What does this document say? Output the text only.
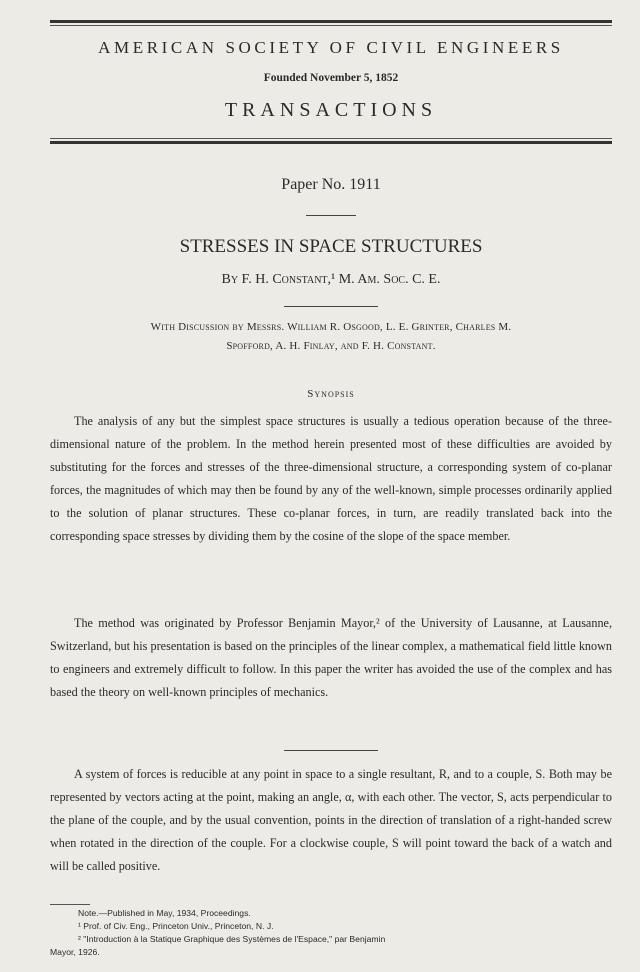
AMERICAN SOCIETY OF CIVIL ENGINEERS
Founded November 5, 1852
TRANSACTIONS
Paper No. 1911
STRESSES IN SPACE STRUCTURES
By F. H. Constant,¹ M. Am. Soc. C. E.
With Discussion by Messrs. William R. Osgood, L. E. Grinter, Charles M.
Spofford, A. H. Finlay, and F. H. Constant.
Synopsis

The analysis of any but the simplest space structures is usually a tedious operation because of the three-dimensional nature of the problem. In the method herein presented most of these difficulties are avoided by substituting for the forces and stresses of the three-dimensional structure, a corresponding system of co-planar forces, the magnitudes of which may then be found by any of the well-known, simple processes ordinarily applied to the solution of planar structures. These co-planar forces, in turn, are readily translated back into the corresponding space stresses by dividing them by the cosine of the slope of the space member.

The method was originated by Professor Benjamin Mayor,² of the University of Lausanne, at Lausanne, Switzerland, but his presentation is based on the principles of the linear complex, a mathematical field little known to engineers and extremely difficult to follow. In this paper the writer has avoided the use of the complex and has based the theory on well-known principles of mechanics.

A system of forces is reducible at any point in space to a single resultant, R, and to a couple, S. Both may be represented by vectors acting at the point, making an angle, α, with each other. The vector, S, acts perpendicular to the plane of the couple, and by the usual convention, points in the direction of translation of a right-handed screw when rotated in the direction of the couple. For a clockwise couple, S will point toward the back of a watch and will be called positive.

Note.—Published in May, 1934, Proceedings.
¹ Prof. of Civ. Eng., Princeton Univ., Princeton, N. J.
² "Introduction à la Statique Graphique des Systèmes de l'Espace," par Benjamin
Mayor, 1926.
